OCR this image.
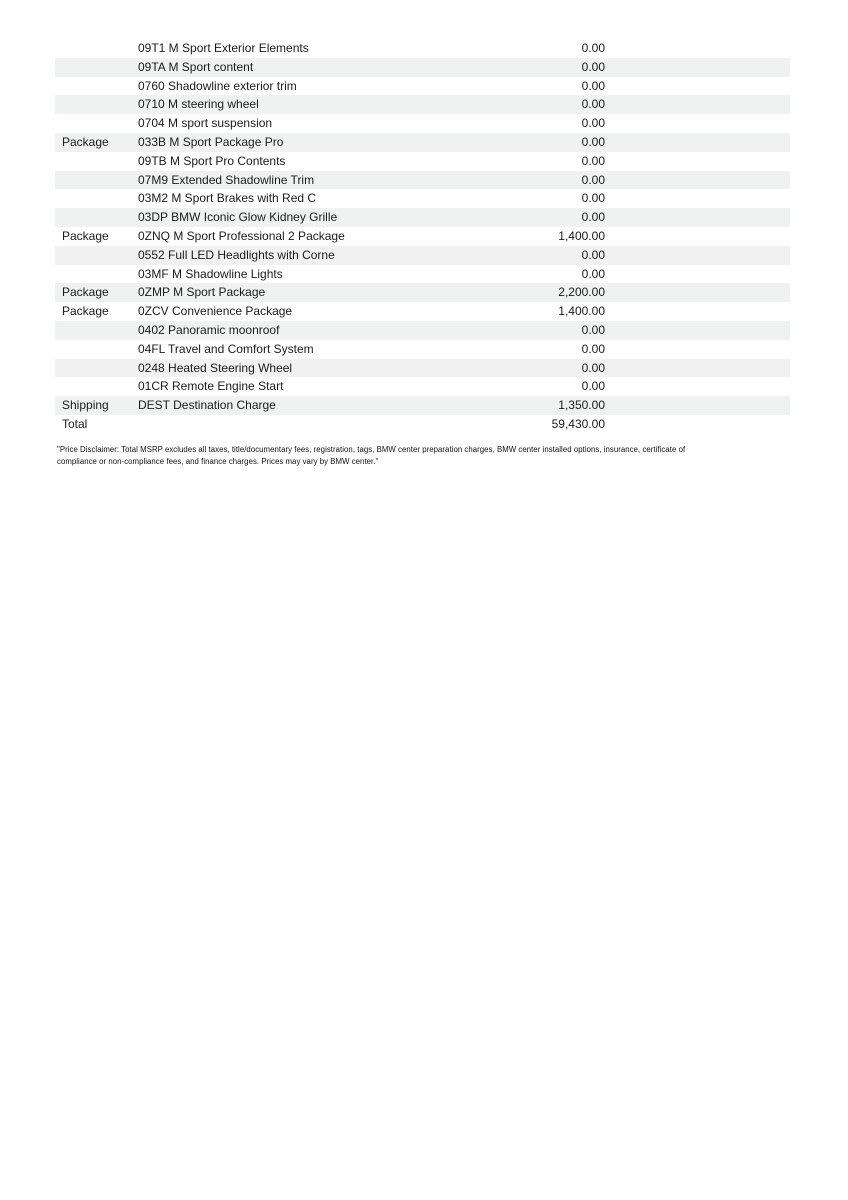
09T1 M Sport Exterior Elements	0.00
09TA M Sport content	0.00
0760 Shadowline exterior trim	0.00
0710 M steering wheel	0.00
0704 M sport suspension	0.00
Package	033B M Sport Package Pro	0.00
09TB M Sport Pro Contents	0.00
07M9 Extended Shadowline Trim	0.00
03M2 M Sport Brakes with Red C	0.00
03DP BMW Iconic Glow Kidney Grille	0.00
Package	0ZNQ M Sport Professional 2 Package	1,400.00
0552 Full LED Headlights with Corne	0.00
03MF M Shadowline Lights	0.00
Package	0ZMP M Sport Package	2,200.00
Package	0ZCV Convenience Package	1,400.00
0402 Panoramic moonroof	0.00
04FL Travel and Comfort System	0.00
0248 Heated Steering Wheel	0.00
01CR Remote Engine Start	0.00
Shipping	DEST Destination Charge	1,350.00
Total	59,430.00
"Price Disclaimer: Total MSRP excludes all taxes, title/documentary fees, registration, tags, BMW center preparation charges, BMW center installed options, insurance, certificate of
compliance or non-compliance fees, and finance charges. Prices may vary by BMW center."
